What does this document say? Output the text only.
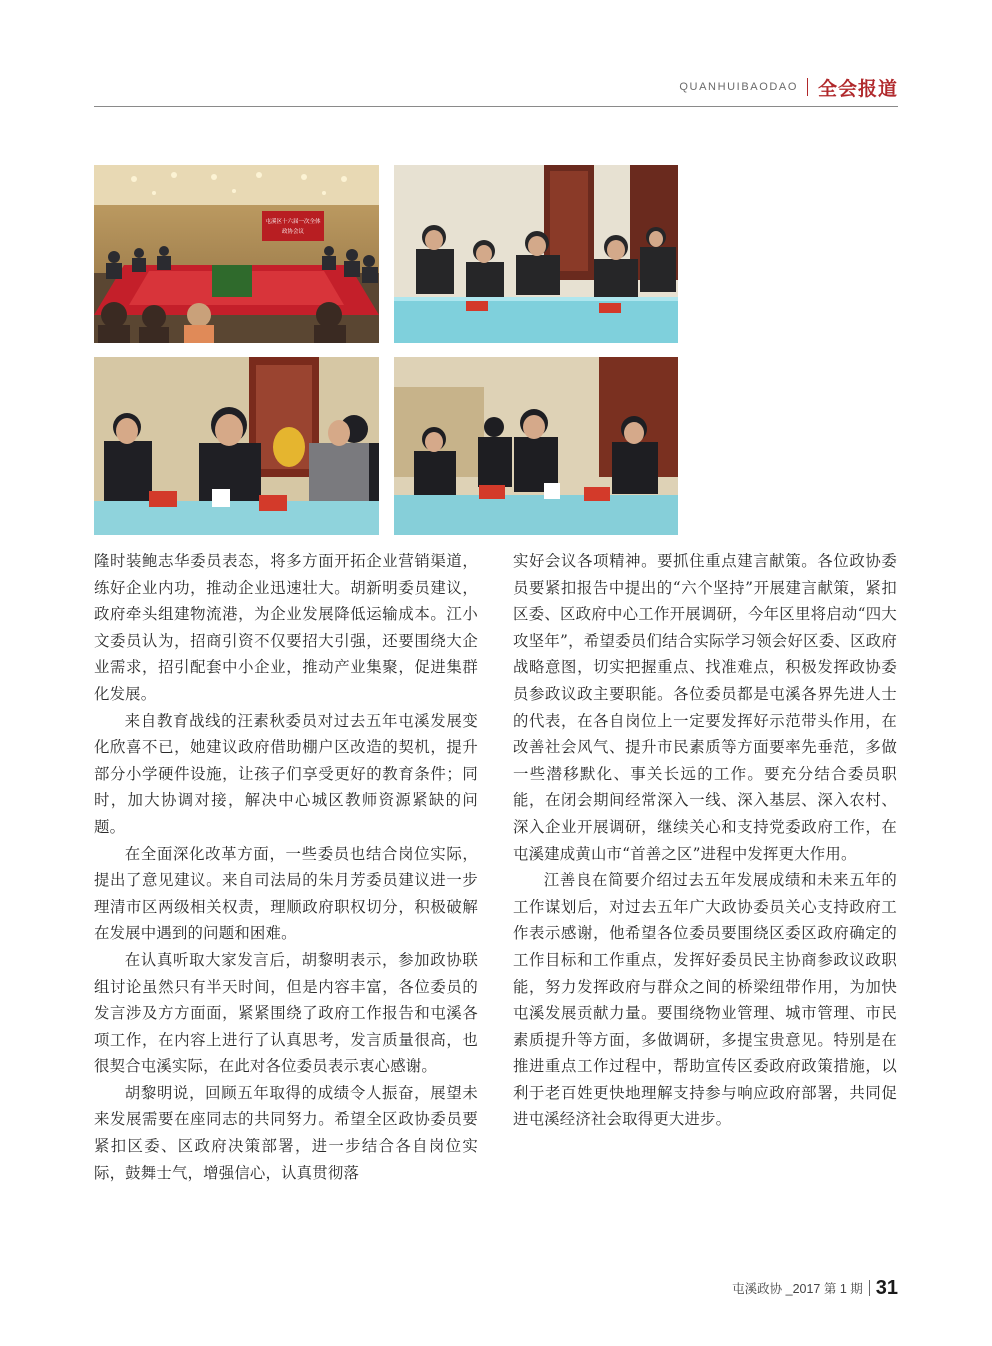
QUANHUIBAODAO 全会报道
屯溪区十六届一次全体
政协会议

隆时装鲍志华委员表态，将多方面开拓企业营销渠道，练好企业内功，推动企业迅速壮大。胡新明委员建议，政府牵头组建物流港，为企业发展降低运输成本。江小文委员认为，招商引资不仅要招大引强，还要围绕大企业需求，招引配套中小企业，推动产业集聚，促进集群化发展。

来自教育战线的汪素秋委员对过去五年屯溪发展变化欣喜不已，她建议政府借助棚户区改造的契机，提升部分小学硬件设施，让孩子们享受更好的教育条件；同时，加大协调对接，解决中心城区教师资源紧缺的问题。

在全面深化改革方面，一些委员也结合岗位实际，提出了意见建议。来自司法局的朱月芳委员建议进一步理清市区两级相关权责，理顺政府职权切分，积极破解在发展中遇到的问题和困难。

在认真听取大家发言后，胡黎明表示，参加政协联组讨论虽然只有半天时间，但是内容丰富，各位委员的发言涉及方方面面，紧紧围绕了政府工作报告和屯溪各项工作，在内容上进行了认真思考，发言质量很高，也很契合屯溪实际，在此对各位委员表示衷心感谢。

胡黎明说，回顾五年取得的成绩令人振奋，展望未来发展需要在座同志的共同努力。希望全区政协委员要紧扣区委、区政府决策部署，进一步结合各自岗位实际，鼓舞士气，增强信心，认真贯彻落

实好会议各项精神。要抓住重点建言献策。各位政协委员要紧扣报告中提出的“六个坚持”开展建言献策，紧扣区委、区政府中心工作开展调研，今年区里将启动“四大攻坚年”，希望委员们结合实际学习领会好区委、区政府战略意图，切实把握重点、找准难点，积极发挥政协委员参政议政主要职能。各位委员都是屯溪各界先进人士的代表，在各自岗位上一定要发挥好示范带头作用，在改善社会风气、提升市民素质等方面要率先垂范，多做一些潜移默化、事关长远的工作。要充分结合委员职能，在闭会期间经常深入一线、深入基层、深入农村、深入企业开展调研，继续关心和支持党委政府工作，在屯溪建成黄山市“首善之区”进程中发挥更大作用。

江善良在简要介绍过去五年发展成绩和未来五年的工作谋划后，对过去五年广大政协委员关心支持政府工作表示感谢，他希望各位委员要围绕区委区政府确定的工作目标和工作重点，发挥好委员民主协商参政议政职能，努力发挥政府与群众之间的桥梁纽带作用，为加快屯溪发展贡献力量。要围绕物业管理、城市管理、市民素质提升等方面，多做调研，多提宝贵意见。特别是在推进重点工作过程中，帮助宣传区委政府政策措施，以利于老百姓更快地理解支持参与响应政府部署，共同促进屯溪经济社会取得更大进步。

屯溪政协 _2017 第 1 期 31
